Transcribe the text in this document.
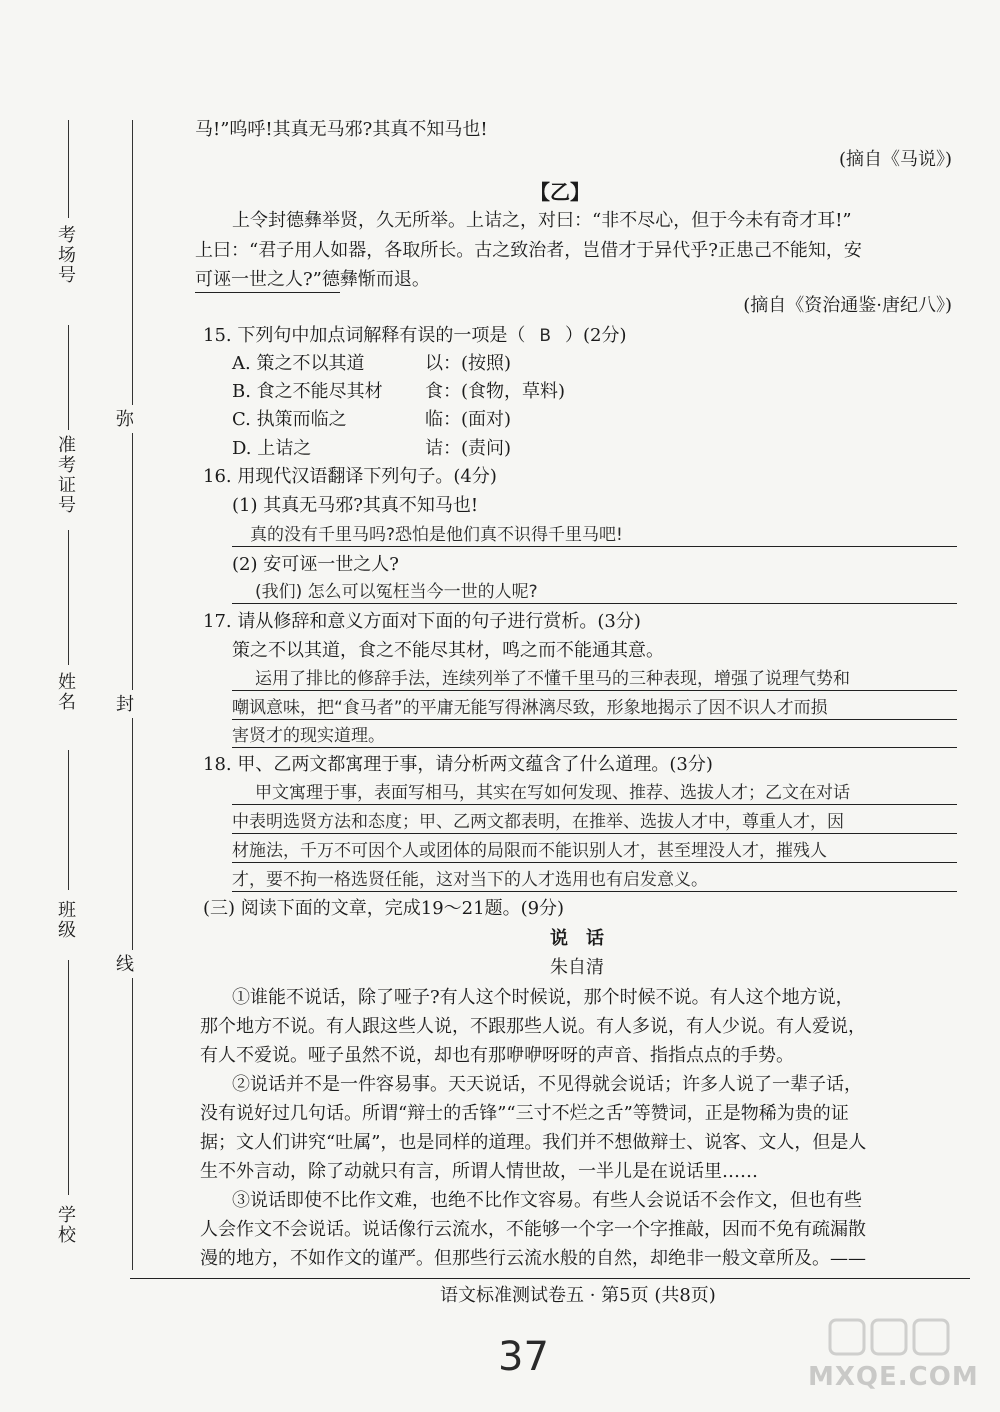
考场号
准考证号
姓名
班级
学校
弥
封
线
马!”呜呼!其真无马邪?其真不知马也!
(摘自《马说》)
【乙】
上令封德彝举贤，久无所举。上诘之，对曰：“非不尽心，但于今未有奇才耳!”
上曰：“君子用人如器，各取所长。古之致治者，岂借才于异代乎?正患己不能知，安
可诬一世之人?”德彝惭而退。
(摘自《资治通鉴·唐纪八》)
15. 下列句中加点词解释有误的一项是（ B ）(2分)
A. 策之不以其道	以：(按照)
B. 食之不能尽其材 食：(食物，草料)
C. 执策而临之	临：(面对)
D. 上诘之	诘：(责问)
16. 用现代汉语翻译下列句子。(4分)
(1) 其真无马邪?其真不知马也!
真的没有千里马吗?恐怕是他们真不识得千里马吧!
(2) 安可诬一世之人?
(我们) 怎么可以冤枉当今一世的人呢?
17. 请从修辞和意义方面对下面的句子进行赏析。(3分)
策之不以其道，食之不能尽其材，鸣之而不能通其意。
运用了排比的修辞手法，连续列举了不懂千里马的三种表现，增强了说理气势和
嘲讽意味，把“食马者”的平庸无能写得淋漓尽致，形象地揭示了因不识人才而损
害贤才的现实道理。
18. 甲、乙两文都寓理于事，请分析两文蕴含了什么道理。(3分)
甲文寓理于事，表面写相马，其实在写如何发现、推荐、选拔人才；乙文在对话
中表明选贤方法和态度；甲、乙两文都表明，在推举、选拔人才中，尊重人才，因
材施法，千万不可因个人或团体的局限而不能识别人才，甚至埋没人才，摧残人
才，要不拘一格选贤任能，这对当下的人才选用也有启发意义。
(三) 阅读下面的文章，完成19～21题。(9分)
说　话
朱自清
①谁能不说话，除了哑子?有人这个时候说，那个时候不说。有人这个地方说，
那个地方不说。有人跟这些人说，不跟那些人说。有人多说，有人少说。有人爱说，
有人不爱说。哑子虽然不说，却也有那咿咿呀呀的声音、指指点点的手势。
②说话并不是一件容易事。天天说话，不见得就会说话；许多人说了一辈子话，
没有说好过几句话。所谓“辩士的舌锋”“三寸不烂之舌”等赞词，正是物稀为贵的证
据；文人们讲究“吐属”，也是同样的道理。我们并不想做辩士、说客、文人，但是人
生不外言动，除了动就只有言，所谓人情世故，一半儿是在说话里……
③说话即使不比作文难，也绝不比作文容易。有些人会说话不会作文，但也有些
人会作文不会说话。说话像行云流水，不能够一个字一个字推敲，因而不免有疏漏散
漫的地方，不如作文的谨严。但那些行云流水般的自然，却绝非一般文章所及。——
语文标准测试卷五 · 第5页 (共8页)
37	MXQE.COM
